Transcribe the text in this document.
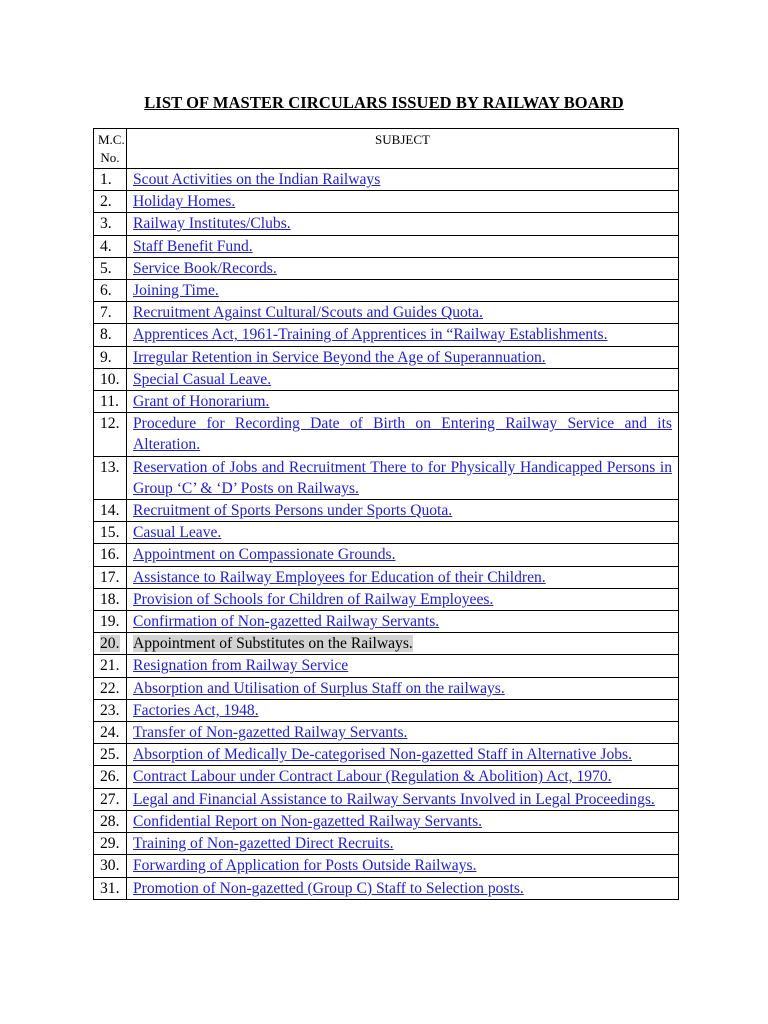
LIST OF MASTER CIRCULARS ISSUED BY RAILWAY BOARD
M.C.
No.	SUBJECT
1.	Scout Activities on the Indian Railways
2.	Holiday Homes.
3.	Railway Institutes/Clubs.
4.	Staff Benefit Fund.
5.	Service Book/Records.
6.	Joining Time.
7.	Recruitment Against Cultural/Scouts and Guides Quota.
8.	Apprentices Act, 1961-Training of Apprentices in “Railway Establishments.
9.	Irregular Retention in Service Beyond the Age of Superannuation.
10.	Special Casual Leave.
11.	Grant of Honorarium.
12.	Procedure for Recording Date of Birth on Entering Railway Service and its Alteration.
13.	Reservation of Jobs and Recruitment There to for Physically Handicapped Persons in Group ‘C’ & ‘D’ Posts on Railways.
14.	Recruitment of Sports Persons under Sports Quota.
15.	Casual Leave.
16.	Appointment on Compassionate Grounds.
17.	Assistance to Railway Employees for Education of their Children.
18.	Provision of Schools for Children of Railway Employees.
19.	Confirmation of Non-gazetted Railway Servants.
20.	Appointment of Substitutes on the Railways.
21.	Resignation from Railway Service
22.	Absorption and Utilisation of Surplus Staff on the railways.
23.	Factories Act, 1948.
24.	Transfer of Non-gazetted Railway Servants.
25.	Absorption of Medically De-categorised Non-gazetted Staff in Alternative Jobs.
26.	Contract Labour under Contract Labour (Regulation & Abolition) Act, 1970.
27.	Legal and Financial Assistance to Railway Servants Involved in Legal Proceedings.
28.	Confidential Report on Non-gazetted Railway Servants.
29.	Training of Non-gazetted Direct Recruits.
30.	Forwarding of Application for Posts Outside Railways.
31.	Promotion of Non-gazetted (Group C) Staff to Selection posts.
